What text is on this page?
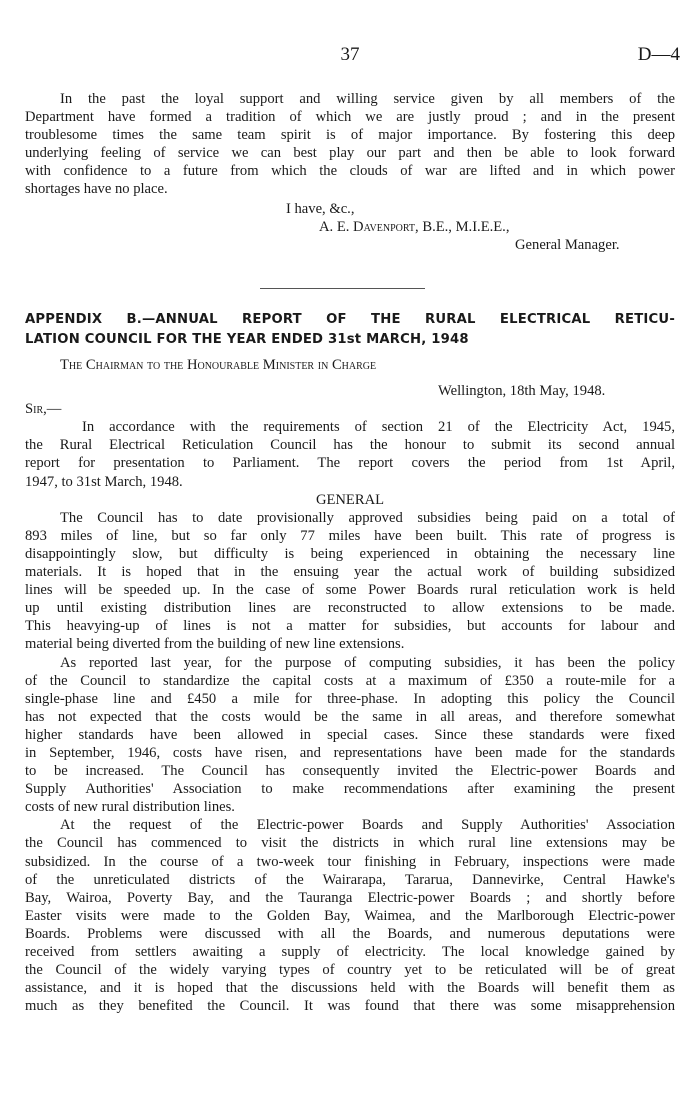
37	D—4
In the past the loyal support and willing service given by all members of the
Department have formed a tradition of which we are justly proud ; and in the present
troublesome times the same team spirit is of major importance. By fostering this deep
underlying feeling of service we can best play our part and then be able to look forward
with confidence to a future from which the clouds of war are lifted and in which power
shortages have no place.
I have, &c.,
A. E. Davenport, B.E., M.I.E.E.,
General Manager.
APPENDIX B.—ANNUAL REPORT OF THE RURAL ELECTRICAL RETICU-
LATION COUNCIL FOR THE YEAR ENDED 31st MARCH, 1948
The Chairman to the Honourable Minister in Charge
Wellington, 18th May, 1948.
Sir,—
In accordance with the requirements of section 21 of the Electricity Act, 1945,
the Rural Electrical Reticulation Council has the honour to submit its second annual
report for presentation to Parliament. The report covers the period from 1st April,
1947, to 31st March, 1948.
GENERAL
The Council has to date provisionally approved subsidies being paid on a total of
893 miles of line, but so far only 77 miles have been built. This rate of progress is
disappointingly slow, but difficulty is being experienced in obtaining the necessary line
materials. It is hoped that in the ensuing year the actual work of building subsidized
lines will be speeded up. In the case of some Power Boards rural reticulation work is held
up until existing distribution lines are reconstructed to allow extensions to be made.
This heavying-up of lines is not a matter for subsidies, but accounts for labour and
material being diverted from the building of new line extensions.
As reported last year, for the purpose of computing subsidies, it has been the policy
of the Council to standardize the capital costs at a maximum of £350 a route-mile for a
single-phase line and £450 a mile for three-phase. In adopting this policy the Council
has not expected that the costs would be the same in all areas, and therefore somewhat
higher standards have been allowed in special cases. Since these standards were fixed
in September, 1946, costs have risen, and representations have been made for the standards
to be increased. The Council has consequently invited the Electric-power Boards and
Supply Authorities' Association to make recommendations after examining the present
costs of new rural distribution lines.
At the request of the Electric-power Boards and Supply Authorities' Association
the Council has commenced to visit the districts in which rural line extensions may be
subsidized. In the course of a two-week tour finishing in February, inspections were made
of the unreticulated districts of the Wairarapa, Tararua, Dannevirke, Central Hawke's
Bay, Wairoa, Poverty Bay, and the Tauranga Electric-power Boards ; and shortly before
Easter visits were made to the Golden Bay, Waimea, and the Marlborough Electric-power
Boards. Problems were discussed with all the Boards, and numerous deputations were
received from settlers awaiting a supply of electricity. The local knowledge gained by
the Council of the widely varying types of country yet to be reticulated will be of great
assistance, and it is hoped that the discussions held with the Boards will benefit them as
much as they benefited the Council. It was found that there was some misapprehension
